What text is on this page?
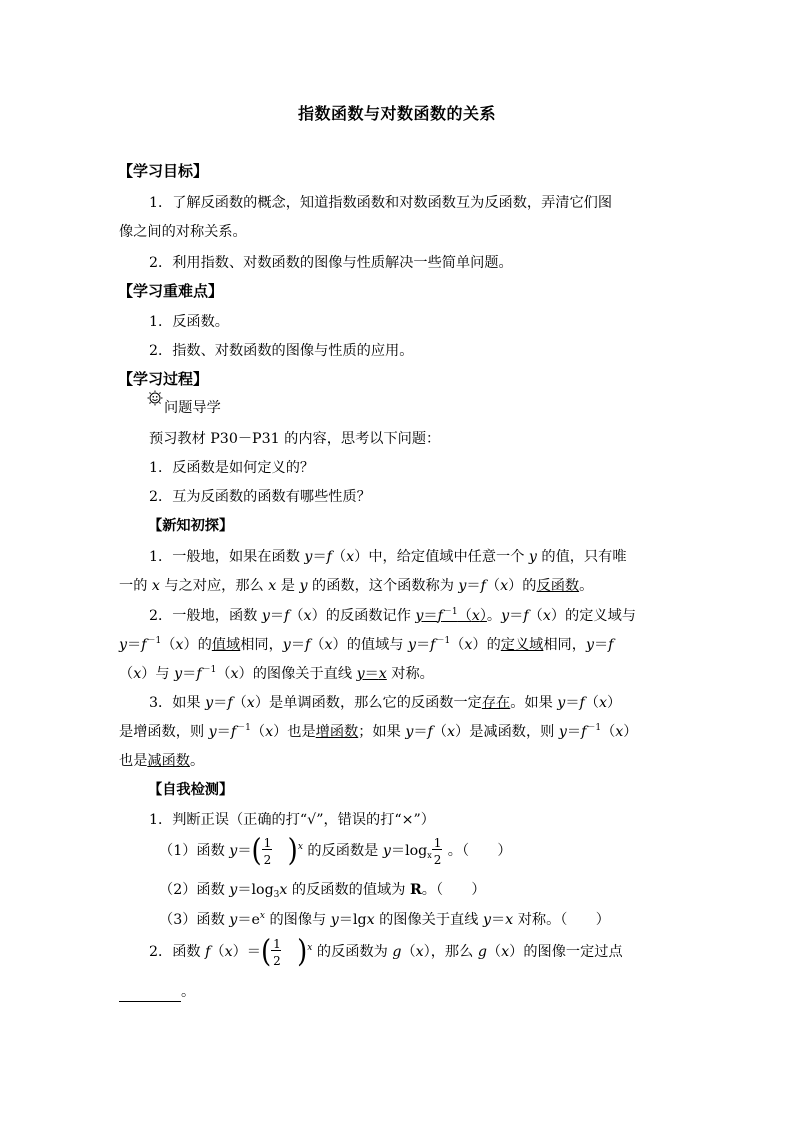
指数函数与对数函数的关系
【学习目标】
1．了解反函数的概念，知道指数函数和对数函数互为反函数，弄清它们图
像之间的对称关系。
2．利用指数、对数函数的图像与性质解决一些简单问题。
【学习重难点】
1．反函数。
2．指数、对数函数的图像与性质的应用。
【学习过程】
问题导学
预习教材 P30－P31 的内容，思考以下问题：
1．反函数是如何定义的？
2．互为反函数的函数有哪些性质？
【新知初探】
1．一般地，如果在函数 y＝f（x）中，给定值域中任意一个 y 的值，只有唯
一的 x 与之对应，那么 x 是 y 的函数，这个函数称为 y＝f（x）的反函数。
2．一般地，函数 y＝f（x）的反函数记作 $y=f^{-1}(x)$。y＝f（x）的定义域与
$y=f^{-1}(x)$的值域相同，y＝f（x）的值域与 $y=f^{-1}(x)$的定义域相同，y＝f
（x）与 $y=f^{-1}(x)$的图像关于直线 y＝x 对称。
3．如果 y＝f（x）是单调函数，那么它的反函数一定存在。如果 y＝f（x）
是增函数，则 $y=f^{-1}(x)$也是增函数；如果 y＝f（x）是减函数，则 $y=f^{-1}(x)$
也是减函数。
【自我检测】
1．判断正误（正确的打“√”，错误的打“×”）
（1）函数 $y=( \frac{1}{2} )^x$ 的反函数是 $y=\log_x \frac{1}{2}$ 。（　　）
（2）函数 $y=\log_3x$ 的反函数的值域为 R。（　　）
（3）函数 $y=e^x$ 的图像与 y＝lgx 的图像关于直线 y＝x 对称。（　　）
2．函数 $f(x)=( \frac{1}{2} )^x$ 的反函数为 g（x），那么 g（x）的图像一定过点
。
